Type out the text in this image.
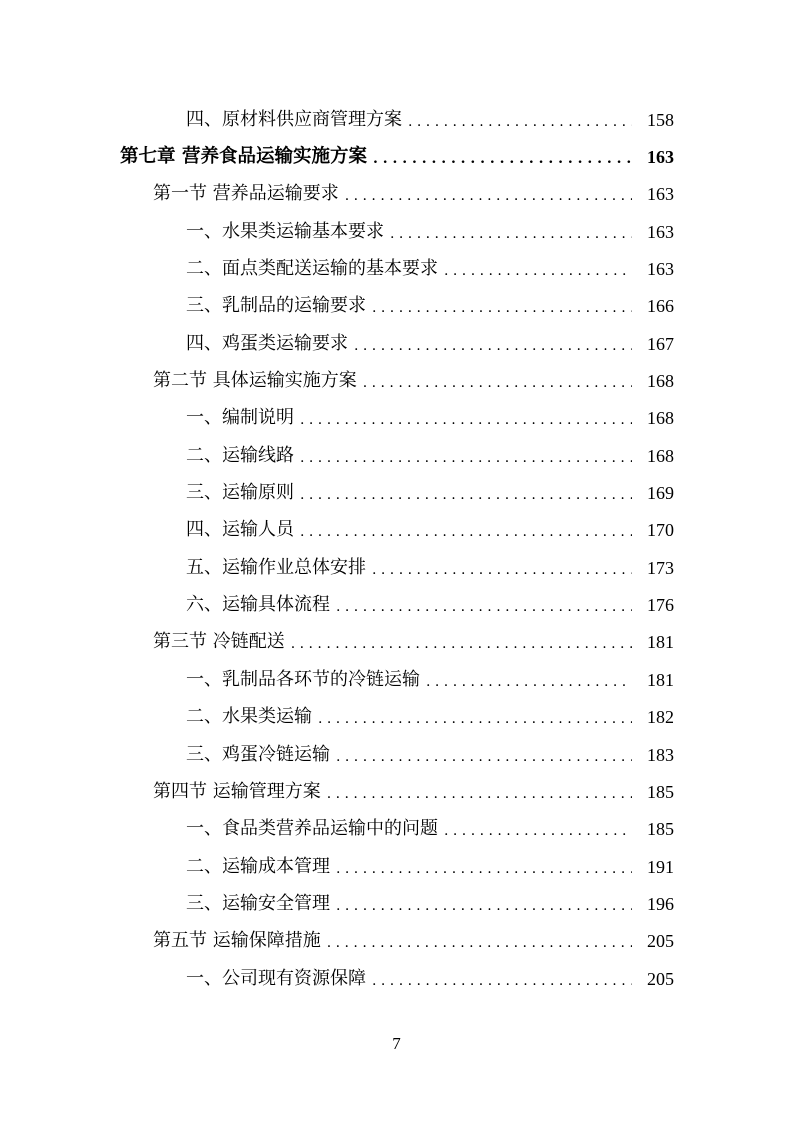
四、原材料供应商管理方案 . . .	158
第七章 营养食品运输实施方案 . . .	163
第一节 营养品运输要求 . . .	163
一、水果类运输基本要求 . . .	163
二、面点类配送运输的基本要求 . . .	163
三、乳制品的运输要求 . . .	166
四、鸡蛋类运输要求 . . .	167
第二节 具体运输实施方案 . . .	168
一、编制说明 . . .	168
二、运输线路 . . .	168
三、运输原则 . . .	169
四、运输人员 . . .	170
五、运输作业总体安排 . . .	173
六、运输具体流程 . . .	176
第三节 冷链配送 . . .	181
一、乳制品各环节的冷链运输 . . .	181
二、水果类运输 . . .	182
三、鸡蛋冷链运输 . . .	183
第四节 运输管理方案 . . .	185
一、食品类营养品运输中的问题 . . .	185
二、运输成本管理 . . .	191
三、运输安全管理 . . .	196
第五节 运输保障措施 . . .	205
一、公司现有资源保障 . . .	205
7
